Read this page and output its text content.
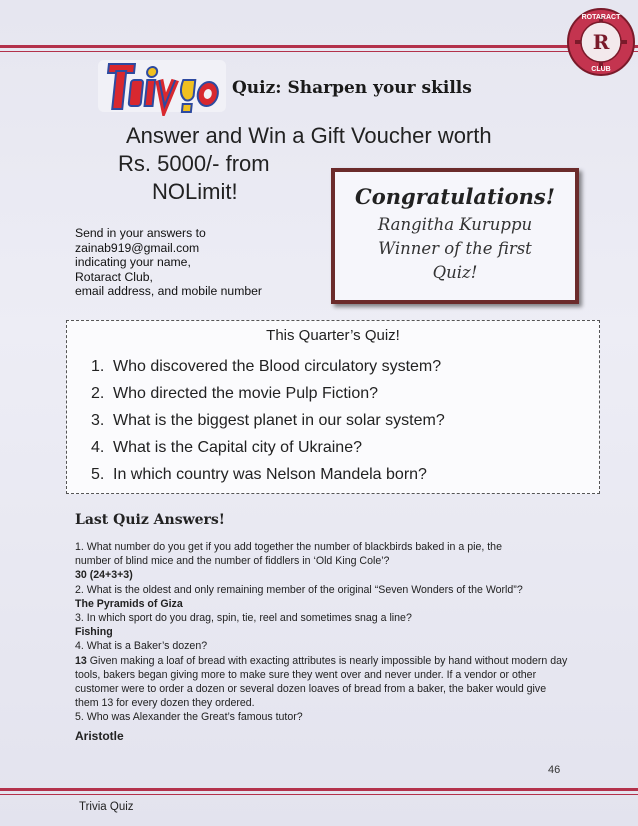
ROTARACT
R
CLUB
Quiz: Sharpen your skills
Answer and Win a Gift Voucher worth
Rs. 5000/- from
NOLimit!
Send in your answers to
zainab919@gmail.com
indicating your name,
Rotaract Club,
email address, and mobile number
Congratulations!
Rangitha Kuruppu
Winner of the first
Quiz!
This Quarter’s Quiz!
1. Who discovered the Blood circulatory system?
2. Who directed the movie Pulp Fiction?
3. What is the biggest planet in our solar system?
4. What is the Capital city of Ukraine?
5. In which country was Nelson Mandela born?
Last Quiz Answers!
1. What number do you get if you add together the number of blackbirds baked in a pie, the
number of blind mice and the number of fiddlers in ‘Old King Cole’?
30 (24+3+3)
2. What is the oldest and only remaining member of the original “Seven Wonders of the World”?
The Pyramids of Giza
3. In which sport do you drag, spin, tie, reel and sometimes snag a line?
Fishing
4. What is a Baker’s dozen?
13 Given making a loaf of bread with exacting attributes is nearly impossible by hand without modern day tools, bakers began giving more to make sure they went over and never under. If a vendor or other customer were to order a dozen or several dozen loaves of bread from a baker, the baker would give them 13 for every dozen they ordered.
5. Who was Alexander the Great’s famous tutor?
Aristotle
46
Trivia Quiz
